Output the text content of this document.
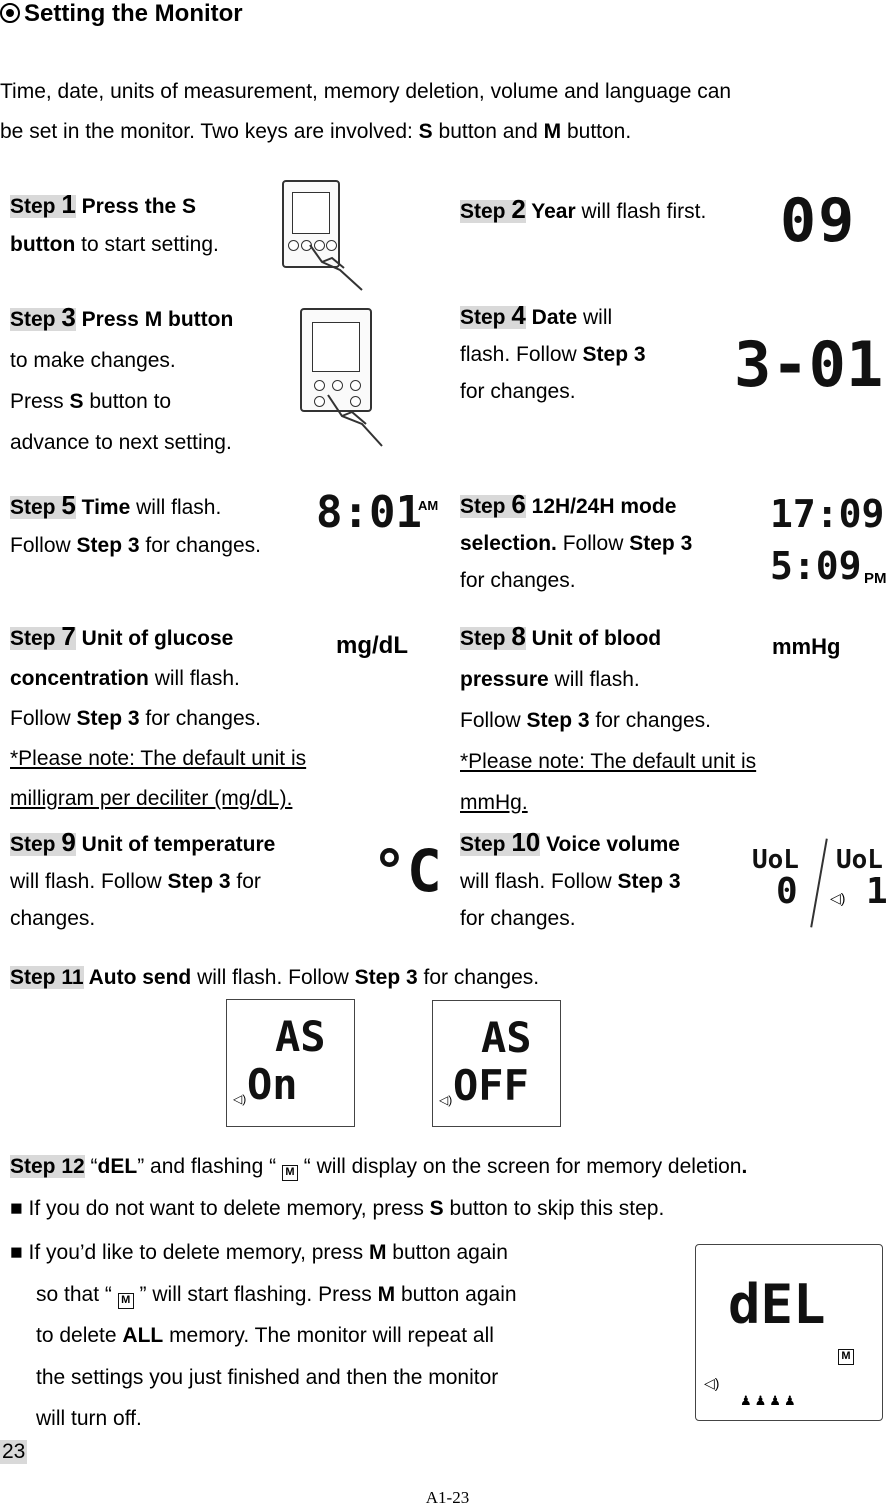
Setting the Monitor
Time, date, units of measurement, memory deletion, volume and language can
be set in the monitor. Two keys are involved: S button and M button.
Step 1 Press the S
button to start setting.
Step 2 Year will flash first. 09
Step 3 Press M button
to make changes.
Press S button to
advance to next setting.
Step 4 Date will
flash. Follow Step 3
for changes.	3-01
Step 5 Time will flash.
Follow Step 3 for changes.
8:01
AM Step 6 12H/24H mode
selection. Follow Step 3
for changes.
17:09
5:09 PM
Step 7 Unit of glucose
concentration will flash.
Follow Step 3 for changes.
*Please note: The default unit is
milligram per deciliter (mg/dL).
mg/dL Step 8 Unit of blood
pressure will flash.
Follow Step 3 for changes.
*Please note: The default unit is
mmHg.
mmHg
Step 9 Unit of temperature
will flash. Follow Step 3 for
changes.
°C Step 10 Voice volume
will flash. Follow Step 3
for changes.
UoL
0
UoL
◁) 1
Step 11 Auto send will flash. Follow Step 3 for changes.
AS
◁) On
AS
◁) OFF
Step 12 “dEL” and flashing “ M “ will display on the screen for memory deletion.
■ If you do not want to delete memory, press S button to skip this step.
■ If you’d like to delete memory, press M button again
so that “ M ” will start flashing. Press M button again
to delete ALL memory. The monitor will repeat all
the settings you just finished and then the monitor
will turn off.
dEL
M
◁)
♟♟♟♟
23
A1-23
